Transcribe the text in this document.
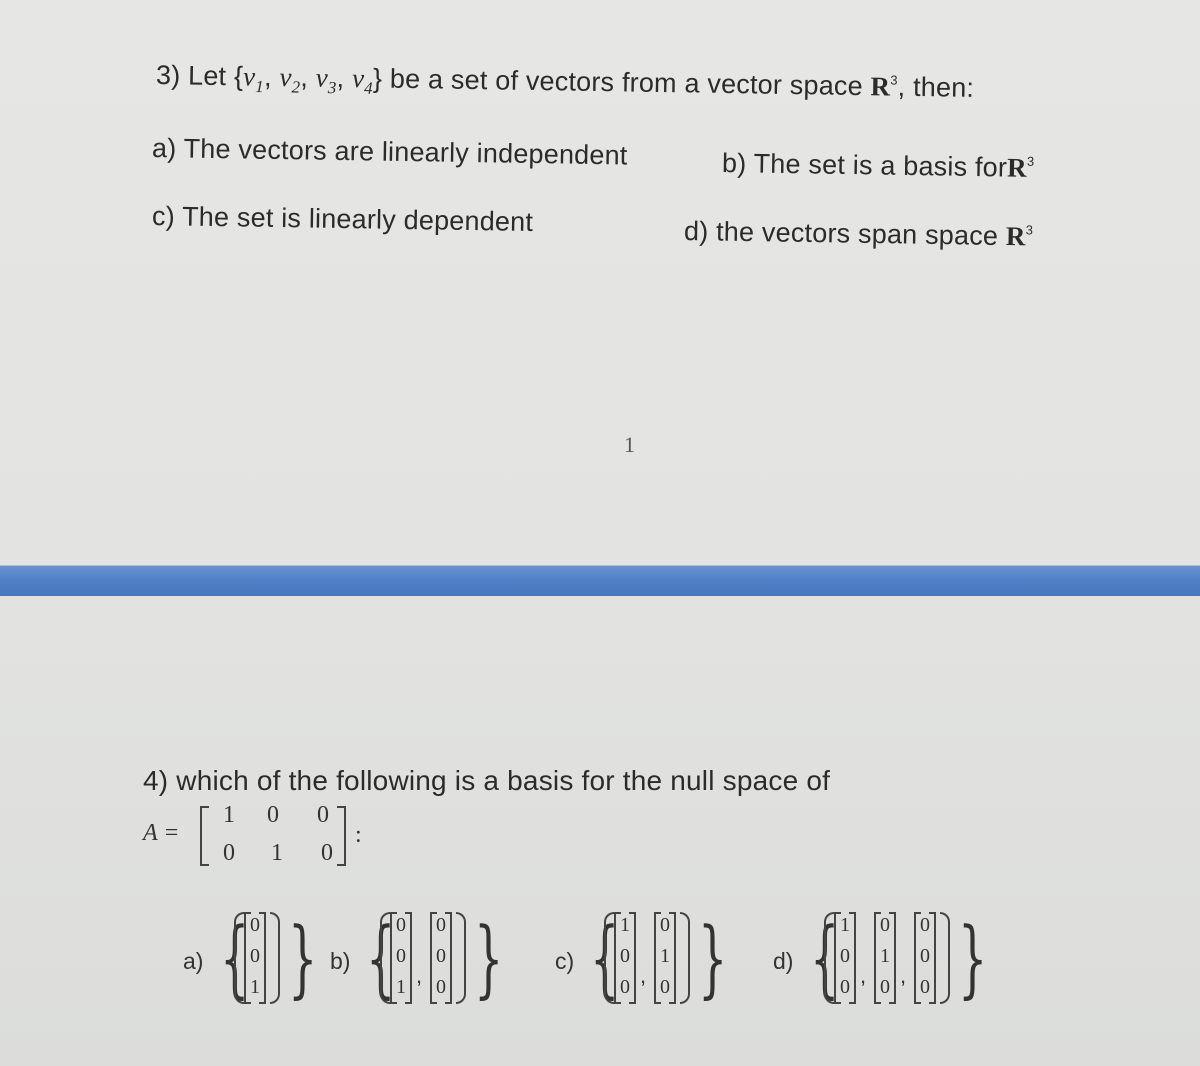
3) Let {$v_1$, $v_2$, $v_3$, $v_4$} be a set of vectors from a vector space $R^3$, then:
a) The vectors are linearly independent	b) The set is a basis forR$^3$
c) The set is linearly dependent	d) the vectors span space $R^3$
1
4) which of the following is a basis for the null space of
A =
1 0 0
0 1 0
:
a) { 0
0
1 } b) { 0
0
1 ,
0
0
0 } c) { 1
0
0 ,
0
1
0 } d) { 1
0
0 ,
0
1
0 ,
0
0
0 }
